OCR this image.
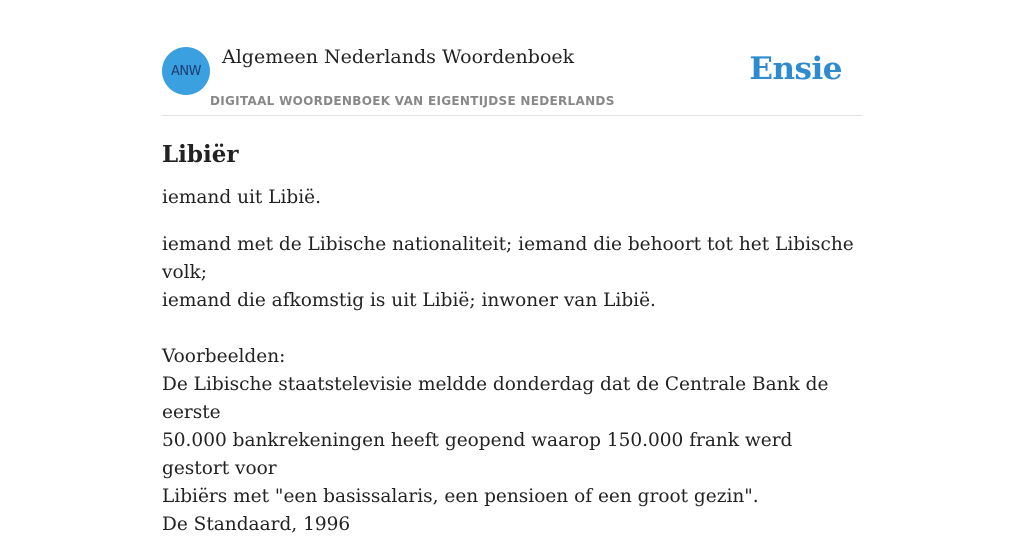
ANW
Algemeen Nederlands Woordenboek
DIGITAAL WOORDENBOEK VAN EIGENTIJDSE NEDERLANDS
Ensie
Libiër

iemand uit Libië.

iemand met de Libische nationaliteit; iemand die behoort tot het Libische volk;
iemand die afkomstig is uit Libië; inwoner van Libië.
Voorbeelden:
De Libische staatstelevisie meldde donderdag dat de Centrale Bank de eerste
50.000 bankrekeningen heeft geopend waarop 150.000 frank werd gestort voor
Libiërs met "een basissalaris, een pensioen of een groot gezin".
De Standaard, 1996
